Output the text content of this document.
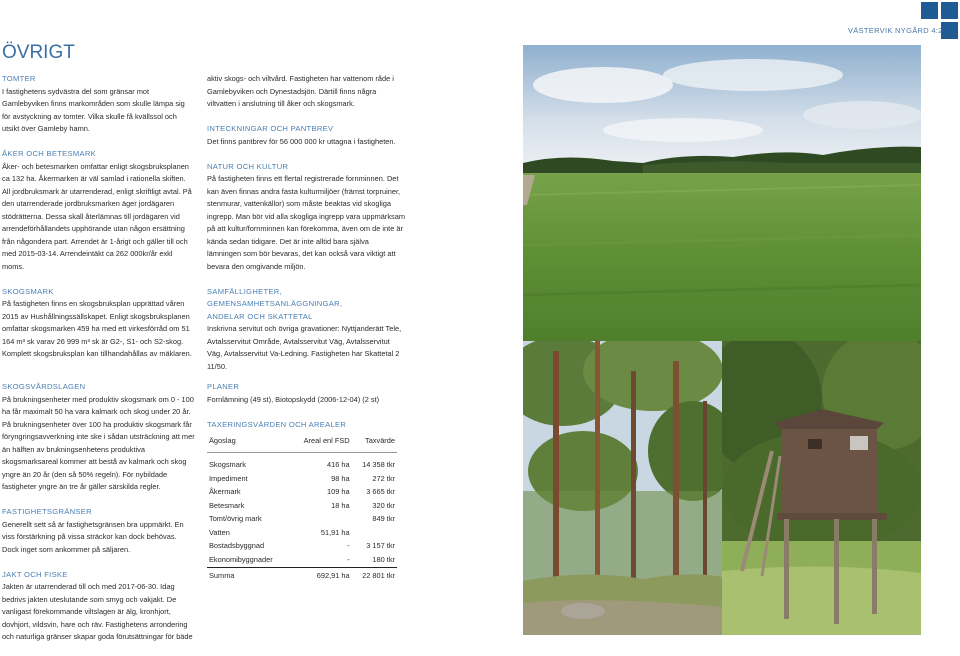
VÄSTERVIK NYGÅRD 4:2
ÖVRIGT
TOMTER

I fastighetens sydvästra del som gränsar mot Gamlebyviken finns markområden som skulle lämpa sig för avstyckning av tomter. Vilka skulle få kvällssol och utsikt över Gamleby hamn.

ÅKER OCH BETESMARK

Åker- och betesmarken omfattar enligt skogsbruksplanen ca 132 ha. Åkermarken är väl samlad i rationella skiften. All jordbruksmark är utarrenderad, enligt skriftligt avtal. På den utarrenderade jordbruksmarken äger jordägaren stödrätterna. Dessa skall återlämnas till jordägaren vid arrendeförhållandets upphörande utan någon ersättning från någondera part. Arrendet är 1-årigt och gäller till och med 2015-03-14. Arrendeintäkt ca 262 000kr/år exkl moms.

SKOGSMARK

På fastigheten finns en skogsbruksplan upprättad våren 2015 av Hushållningssällskapet. Enligt skogsbruksplanen omfattar skogsmarken 459 ha med ett virkesförråd om 51 164 m³ sk varav 26 999 m³ sk är G2-, S1- och S2-skog. Komplett skogsbruksplan kan tillhandahållas av mäklaren.

SKOGSVÅRDSLAGEN

På brukningsenheter med produktiv skogsmark om 0 - 100 ha får maximalt 50 ha vara kalmark och skog under 20 år. På brukningsenheter över 100 ha produktiv skogsmark får föryngringsavverkning inte ske i sådan utsträckning att mer än hälften av brukningsenhetens produktiva skogsmarksareal kommer att bestå av kalmark och skog yngre än 20 år (den så 50% regeln). För nybildade fastigheter yngre än tre år gäller särskilda regler.

FASTIGHETSGRÄNSER

Generellt sett så är fastighetsgränsen bra uppmärkt. En viss förstärkning på vissa sträckor kan dock behövas. Dock inget som ankommer på säljaren.

JAKT OCH FISKE

Jakten är utarrenderad till och med 2017-06-30. Idag bedrivs jakten uteslutande som smyg och vakjakt. De vanligast förekommande viltslagen är älg, kronhjort, dovhjort, vildsvin, hare och räv. Fastighetens arrondering och naturliga gränser skapar goda förutsättningar för bäde

aktiv skogs- och viltvård. Fastigheten har vattenom råde i Gamlebyviken och Dynestadsjön. Därtill finns några viltvatten i anslutning till åker och skogsmark.

INTECKNINGAR OCH PANTBREV

Det finns pantbrev för 56 000 000 kr uttagna i fastigheten.

NATUR OCH KULTUR

På fastigheten finns ett flertal registrerade fornminnen. Det kan även finnas andra fasta kulturmiljöer (främst torpruiner, stenmurar, vattenkällor) som måste beaktas vid skogliga ingrepp. Man bör vid alla skogliga ingrepp vara uppmärksam på att kultur/fornminnen kan förekomma, även om de inte är kända sedan tidigare. Det är inte alltid bara själva lämningen som bör bevaras, det kan också vara viktigt att bevara den omgivande miljön.

SAMFÄLLIGHETER, GEMENSAMHETSANLÄGGNINGAR, ANDELAR OCH SKATTETAL

Inskrivna servitut och övriga gravationer: Nyttjanderätt Tele, Avtalsservitut Område, Avtalsservitut Väg, Avtalsservitut Väg, Avtalsservitut Va-Ledning. Fastigheten har Skattetal 2 11/50.

PLANER

Fornlämning (49 st), Biotopskydd (2006-12-04) (2 st)

TAXERINGSVÄRDEN OCH AREALER
Ägoslag	Areal enl FSD	Taxvärde
Skogsmark	416 ha	14 358 tkr
Impediment	98 ha	272 tkr
Åkermark	109 ha	3 665 tkr
Betesmark	18 ha	320 tkr
Tomt/övrig mark		849 tkr
Vatten	51,91 ha	
Bostadsbyggnad	-	3 157 tkr
Ekonomibyggnader	-	180 tkr
Summa	692,91 ha	22 801 tkr
